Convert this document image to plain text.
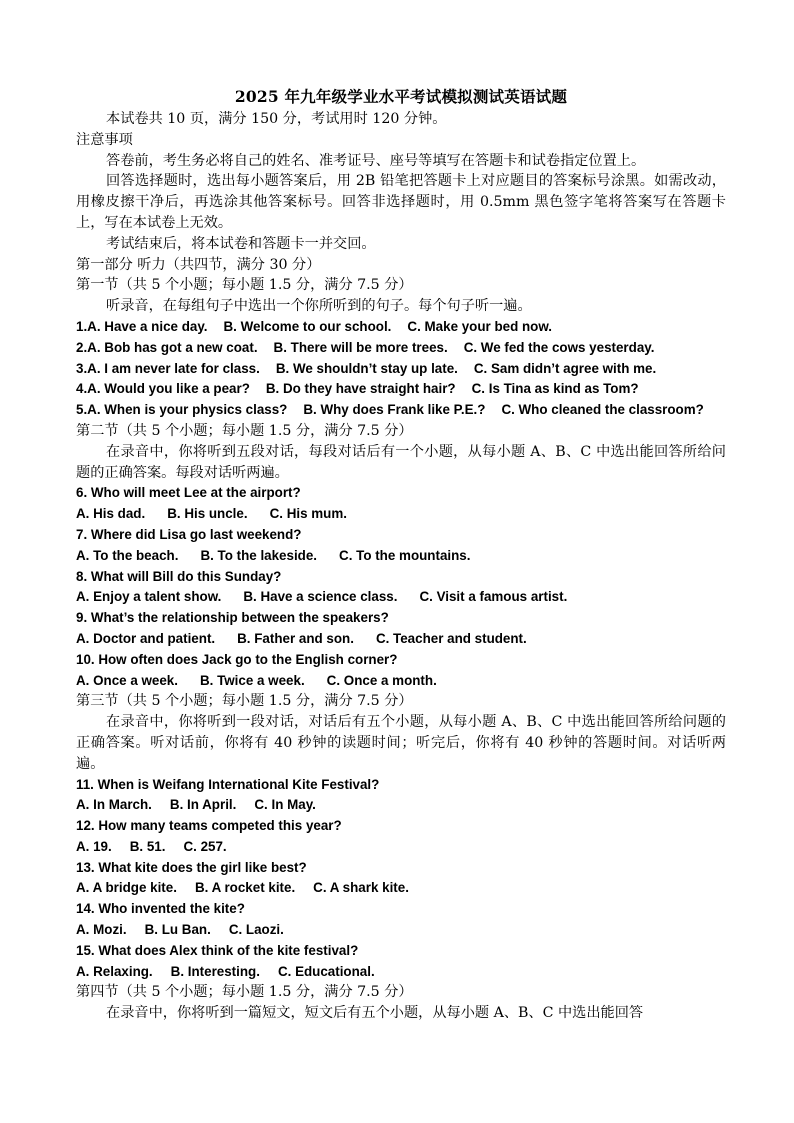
2025 年九年级学业水平考试模拟测试英语试题

本试卷共 10 页，满分 150 分，考试用时 120 分钟。

注意事项

答卷前，考生务必将自己的姓名、准考证号、座号等填写在答题卡和试卷指定位置上。

回答选择题时，选出每小题答案后，用 2B 铅笔把答题卡上对应题目的答案标号涂黑。如需改动，用橡皮擦干净后，再选涂其他答案标号。回答非选择题时，用 0.5mm 黑色签字笔将答案写在答题卡上，写在本试卷上无效。

考试结束后，将本试卷和答题卡一并交回。

第一部分 听力（共四节，满分 30 分）

第一节（共 5 个小题；每小题 1.5 分，满分 7.5 分）

听录音，在每组句子中选出一个你所听到的句子。每个句子听一遍。

1.A. Have a nice day. B. Welcome to our school. C. Make your bed now.

2.A. Bob has got a new coat. B. There will be more trees. C. We fed the cows yesterday.

3.A. I am never late for class. B. We shouldn’t stay up late. C. Sam didn’t agree with me.

4.A. Would you like a pear? B. Do they have straight hair? C. Is Tina as kind as Tom?

5.A. When is your physics class? B. Why does Frank like P.E.? C. Who cleaned the classroom?

第二节（共 5 个小题；每小题 1.5 分，满分 7.5 分）

在录音中，你将听到五段对话，每段对话后有一个小题，从每小题 A、B、C 中选出能回答所给问题的正确答案。每段对话听两遍。

6. Who will meet Lee at the airport?

A. His dad. B. His uncle. C. His mum.

7. Where did Lisa go last weekend?

A. To the beach. B. To the lakeside. C. To the mountains.

8. What will Bill do this Sunday?

A. Enjoy a talent show. B. Have a science class. C. Visit a famous artist.

9. What’s the relationship between the speakers?

A. Doctor and patient. B. Father and son. C. Teacher and student.

10. How often does Jack go to the English corner?

A. Once a week. B. Twice a week. C. Once a month.

第三节（共 5 个小题；每小题 1.5 分，满分 7.5 分）

在录音中，你将听到一段对话，对话后有五个小题，从每小题 A、B、C 中选出能回答所给问题的正确答案。听对话前，你将有 40 秒钟的读题时间；听完后，你将有 40 秒钟的答题时间。对话听两遍。

11. When is Weifang International Kite Festival?

A. In March. B. In April. C. In May.

12. How many teams competed this year?

A. 19. B. 51. C. 257.

13. What kite does the girl like best?

A. A bridge kite. B. A rocket kite. C. A shark kite.

14. Who invented the kite?

A. Mozi. B. Lu Ban. C. Laozi.

15. What does Alex think of the kite festival?

A. Relaxing. B. Interesting. C. Educational.

第四节（共 5 个小题；每小题 1.5 分，满分 7.5 分）

在录音中，你将听到一篇短文，短文后有五个小题，从每小题 A、B、C 中选出能回答
